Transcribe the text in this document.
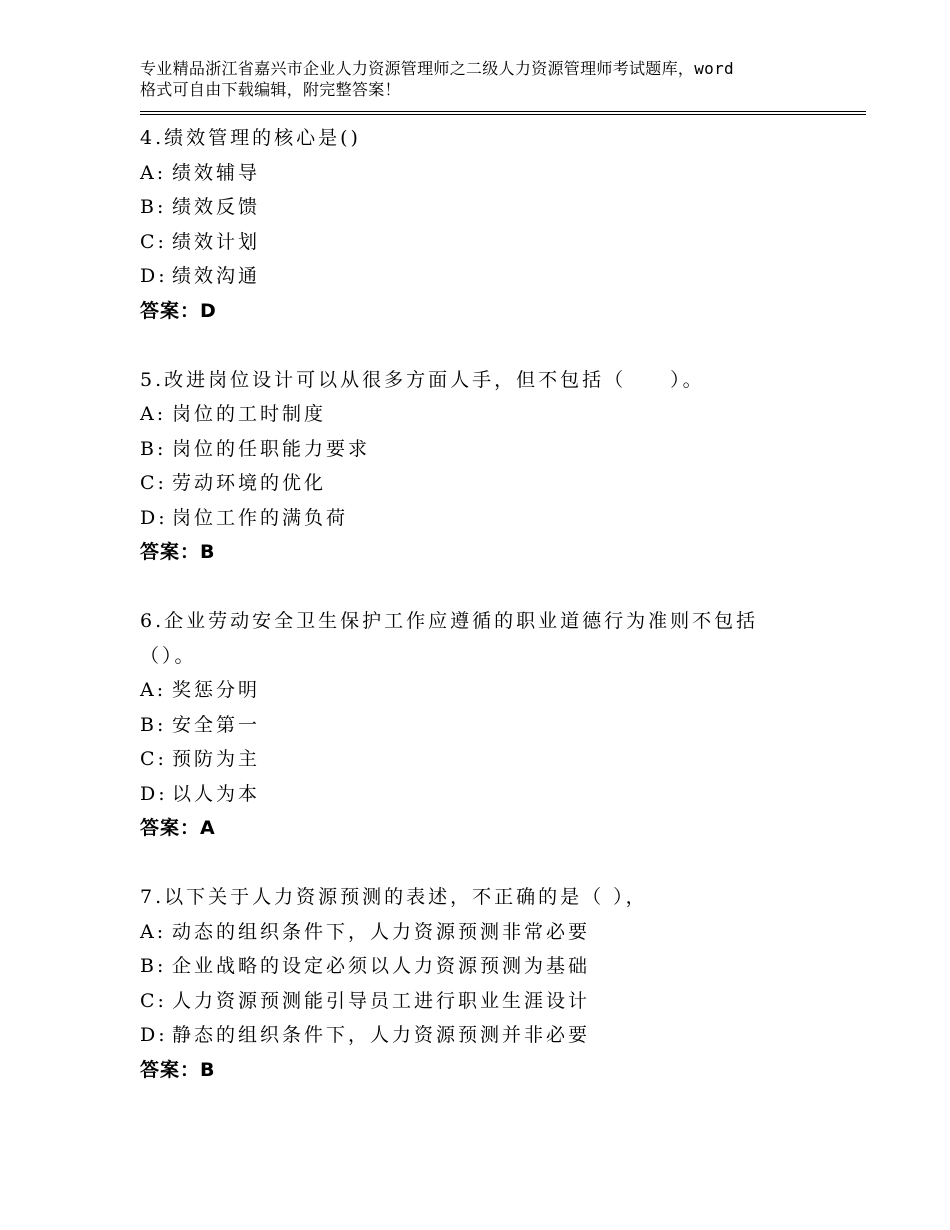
专业精品浙江省嘉兴市企业人力资源管理师之二级人力资源管理师考试题库，word
格式可自由下载编辑，附完整答案！

4.绩效管理的核心是()

A: 绩效辅导

B: 绩效反馈

C: 绩效计划

D: 绩效沟通

答案：D

5.改进岗位设计可以从很多方面人手，但不包括（　　）。

A: 岗位的工时制度

B: 岗位的任职能力要求

C: 劳动环境的优化

D: 岗位工作的满负荷

答案：B

6.企业劳动安全卫生保护工作应遵循的职业道德行为准则不包括

（）。

A: 奖惩分明

B: 安全第一

C: 预防为主

D: 以人为本

答案：A

7.以下关于人力资源预测的表述，不正确的是（ ），

A: 动态的组织条件下，人力资源预测非常必要

B: 企业战略的设定必须以人力资源预测为基础

C: 人力资源预测能引导员工进行职业生涯设计

D: 静态的组织条件下，人力资源预测并非必要

答案：B
